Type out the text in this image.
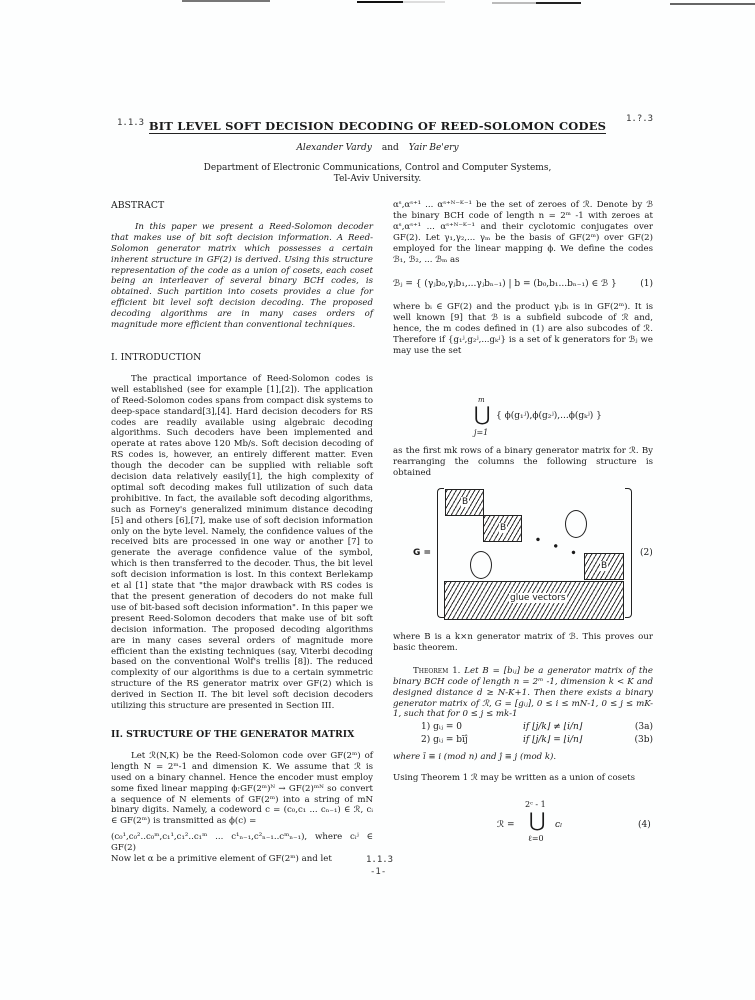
1.1.3	1.?.3
BIT LEVEL SOFT DECISION DECODING OF REED-SOLOMON CODES
Alexander Vardy and Yair Be'ery
Department of Electronic Communications, Control and Computer Systems,
Tel-Aviv University.
ABSTRACT

In this paper we present a Reed-Solomon decoder that makes use of bit soft decision information. A Reed-Solomon generator matrix which possesses a certain inherent structure in GF(2) is derived. Using this structure representation of the code as a union of cosets, each coset being an interleaver of several binary BCH codes, is obtained. Such partition into cosets provides a clue for efficient bit level soft decision decoding. The proposed decoding algorithms are in many cases orders of magnitude more efficient than conventional techniques.

I. INTRODUCTION

The practical importance of Reed-Solomon codes is well established (see for example [1],[2]). The application of Reed-Solomon codes spans from compact disk systems to deep-space standard[3],[4]. Hard decision decoders for RS codes are readily available using algebraic decoding algorithms. Such decoders have been implemented and operate at rates above 120 Mb/s. Soft decision decoding of RS codes is, however, an entirely different matter. Even though the decoder can be supplied with reliable soft decision data relatively easily[1], the high complexity of optimal soft decoding makes full utilization of such data prohibitive. In fact, the available soft decoding algorithms, such as Forney's generalized minimum distance decoding [5] and others [6],[7], make use of soft decision information only on the byte level. Namely, the confidence values of the received bits are processed in one way or another [7] to generate the average confidence value of the symbol, which is then transferred to the decoder. Thus, the bit level soft decision information is lost. In this context Berlekamp et al [1] state that "the major drawback with RS codes is that the present generation of decoders do not make full use of bit-based soft decision information". In this paper we present Reed-Solomon decoders that make use of bit soft decision information. The proposed decoding algorithms are in many cases several orders of magnitude more efficient than the existing techniques (say, Viterbi decoding based on the conventional Wolf's trellis [8]). The reduced complexity of our algorithms is due to a certain symmetric structure of the RS generator matrix over GF(2) which is derived in Section II. The bit level soft decision decoders utilizing this structure are presented in Section III.

II. STRUCTURE OF THE GENERATOR MATRIX

Let ℛ(N,K) be the Reed-Solomon code over GF(2ᵐ) of length N = 2ᵐ-1 and dimension K. We assume that ℛ is used on a binary channel. Hence the encoder must employ some fixed linear mapping ϕ:GF(2ᵐ)ᴺ → GF(2)ᵐᴺ so convert a sequence of N elements of GF(2ᵐ) into a string of mN binary digits. Namely, a codeword c = (c₀,c₁ ... cₙ₋₁) ∈ ℛ, cᵢ ∈ GF(2ᵐ) is transmitted as ϕ(c) =

(c₀¹,c₀²..c₀ᵐ,c₁¹,c₁²..c₁ᵐ ... c¹ₙ₋₁,c²ₙ₋₁..cᵐₙ₋₁), where cᵢʲ ∈ GF(2)

Now let α be a primitive element of GF(2ᵐ) and let

αˢ,αˢ⁺¹ ... αˢ⁺ᴺ⁻ᴷ⁻¹ be the set of zeroes of ℛ. Denote by ℬ the binary BCH code of length n = 2ᵐ -1 with zeroes at αˢ,αˢ⁺¹ ... αˢ⁺ᴺ⁻ᴷ⁻¹ and their cyclotomic conjugates over GF(2). Let γ₁,γ₂,... γₘ be the basis of GF(2ᵐ) over GF(2) employed for the linear mapping ϕ. We define the codes ℬ₁, ℬ₂, ... ℬₘ as

ℬⱼ = { (γⱼb₀,γⱼb₁,...γⱼbₙ₋₁) | b = (b₀,b₁...bₙ₋₁) ∈ ℬ }	(1)

where bᵢ ∈ GF(2) and the product γⱼbᵢ is in GF(2ᵐ). It is well known [9] that ℬ is a subfield subcode of ℛ and, hence, the m codes defined in (1) are also subcodes of ℛ. Therefore if {g₁ʲ,g₂ʲ,...gₖʲ} is a set of k generators for ℬⱼ we may use the set

m
⋃
j=1
{ ϕ(g₁ʲ),ϕ(g₂ʲ),...ϕ(gₖʲ) }

as the first mk rows of a binary generator matrix for ℛ. By rearranging the columns the following structure is obtained

G =
B
B
B
glue vectors
• • •	(2)

where B is a k×n generator matrix of ℬ. This proves our basic theorem.

Theorem 1. Let B = [bᵢⱼ] be a generator matrix of the binary BCH code of length n = 2ᵐ -1, dimension k < K and designed distance d ≥ N-K+1. Then there exists a binary generator matrix of ℛ, G = [gᵢⱼ], 0 ≤ i ≤ mN-1, 0 ≤ j ≤ mK-1, such that for 0 ≤ j ≤ mk-1

1) gᵢⱼ = 0	if ⌊j/k⌋ ≠ ⌊i/n⌋	(3a)
2) gᵢⱼ = bīĵ	if ⌊j/k⌋ = ⌊i/n⌋	(3b)

where ī ≡ i (mod n) and ĵ ≡ j (mod k).

Using Theorem 1 ℛ may be written as a union of cosets

ℛ =
2ᶜ - 1
⋃
ℓ=0
ᴄₗ	(4)
1.1.3
-1-
